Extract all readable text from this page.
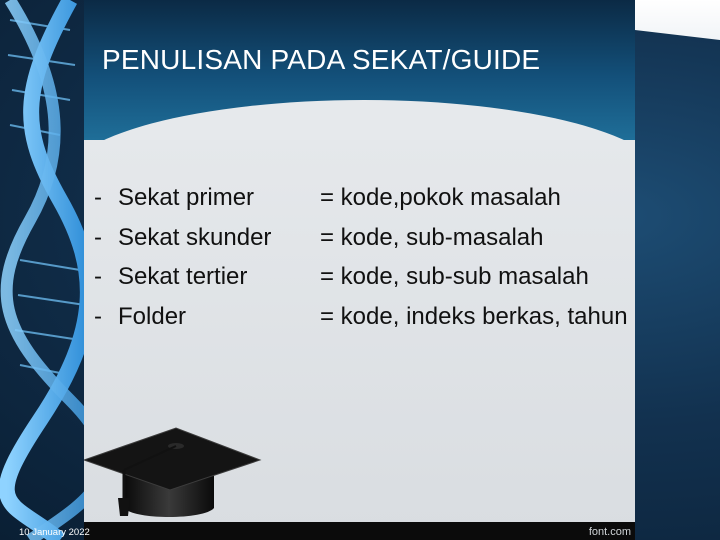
PENULISAN PADA SEKAT/GUIDE
- Sekat primer	= kode,pokok masalah
- Sekat skunder = kode, sub-masalah
- Sekat tertier	= kode, sub-sub masalah
- Folder	= kode, indeks berkas, tahun
font.com
10 January 2022
